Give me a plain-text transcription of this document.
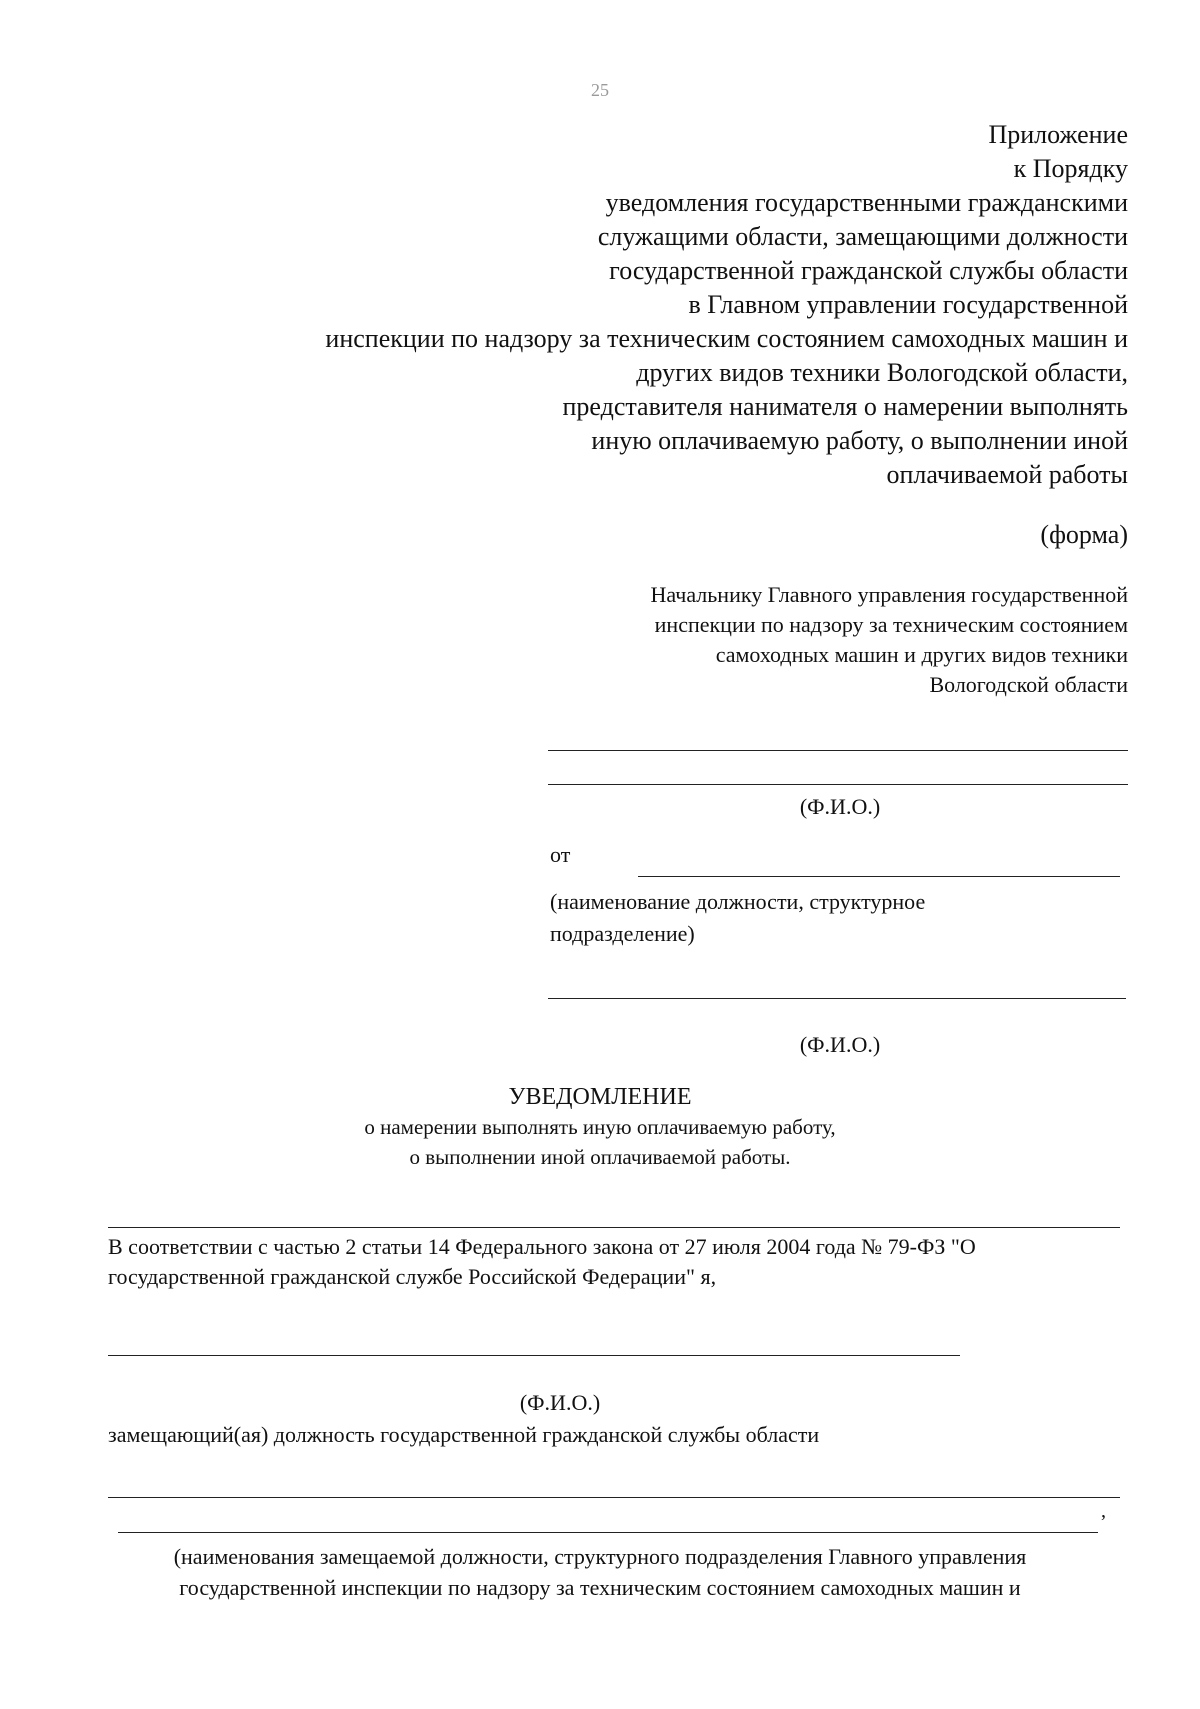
25
Приложение
к Порядку
уведомления государственными гражданскими
служащими области, замещающими должности
государственной гражданской службы области
в Главном управлении государственной
инспекции по надзору за техническим состоянием самоходных машин и
других видов техники Вологодской области,
представителя нанимателя о намерении выполнять
иную оплачиваемую работу, о выполнении иной
оплачиваемой работы
(форма)
Начальнику Главного управления государственной
инспекции по надзору за техническим состоянием
самоходных машин и других видов техники
Вологодской области
(Ф.И.О.)
от
(наименование должности, структурное
подразделение)
(Ф.И.О.)
УВЕДОМЛЕНИЕ
о намерении выполнять иную оплачиваемую работу,
о выполнении иной оплачиваемой работы.
В соответствии с частью 2 статьи 14 Федерального закона от 27 июля 2004 года № 79-ФЗ "О
государственной гражданской службе Российской Федерации" я,
(Ф.И.О.)
замещающий(ая) должность государственной гражданской службы области
,
(наименования замещаемой должности, структурного подразделения Главного управления
государственной инспекции по надзору за техническим состоянием самоходных машин и
